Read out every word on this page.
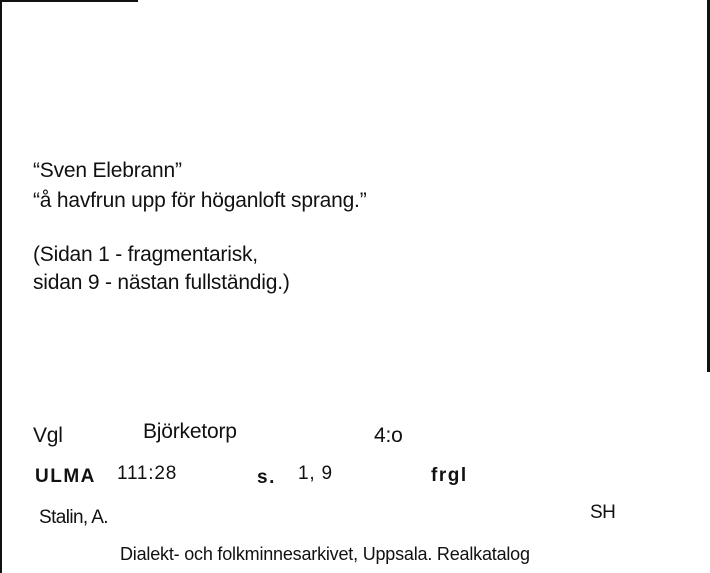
“Sven Elebrann”
“å havfrun upp för höganloft sprang.”
(Sidan 1 - fragmentarisk,
sidan 9 - nästan fullständig.)
Vgl	Björketorp	4:o
ULMA 111:28	s. 1, 9	frgl
Stalin, A.	SH
Dialekt- och folkminnesarkivet, Uppsala. Realkatalog
